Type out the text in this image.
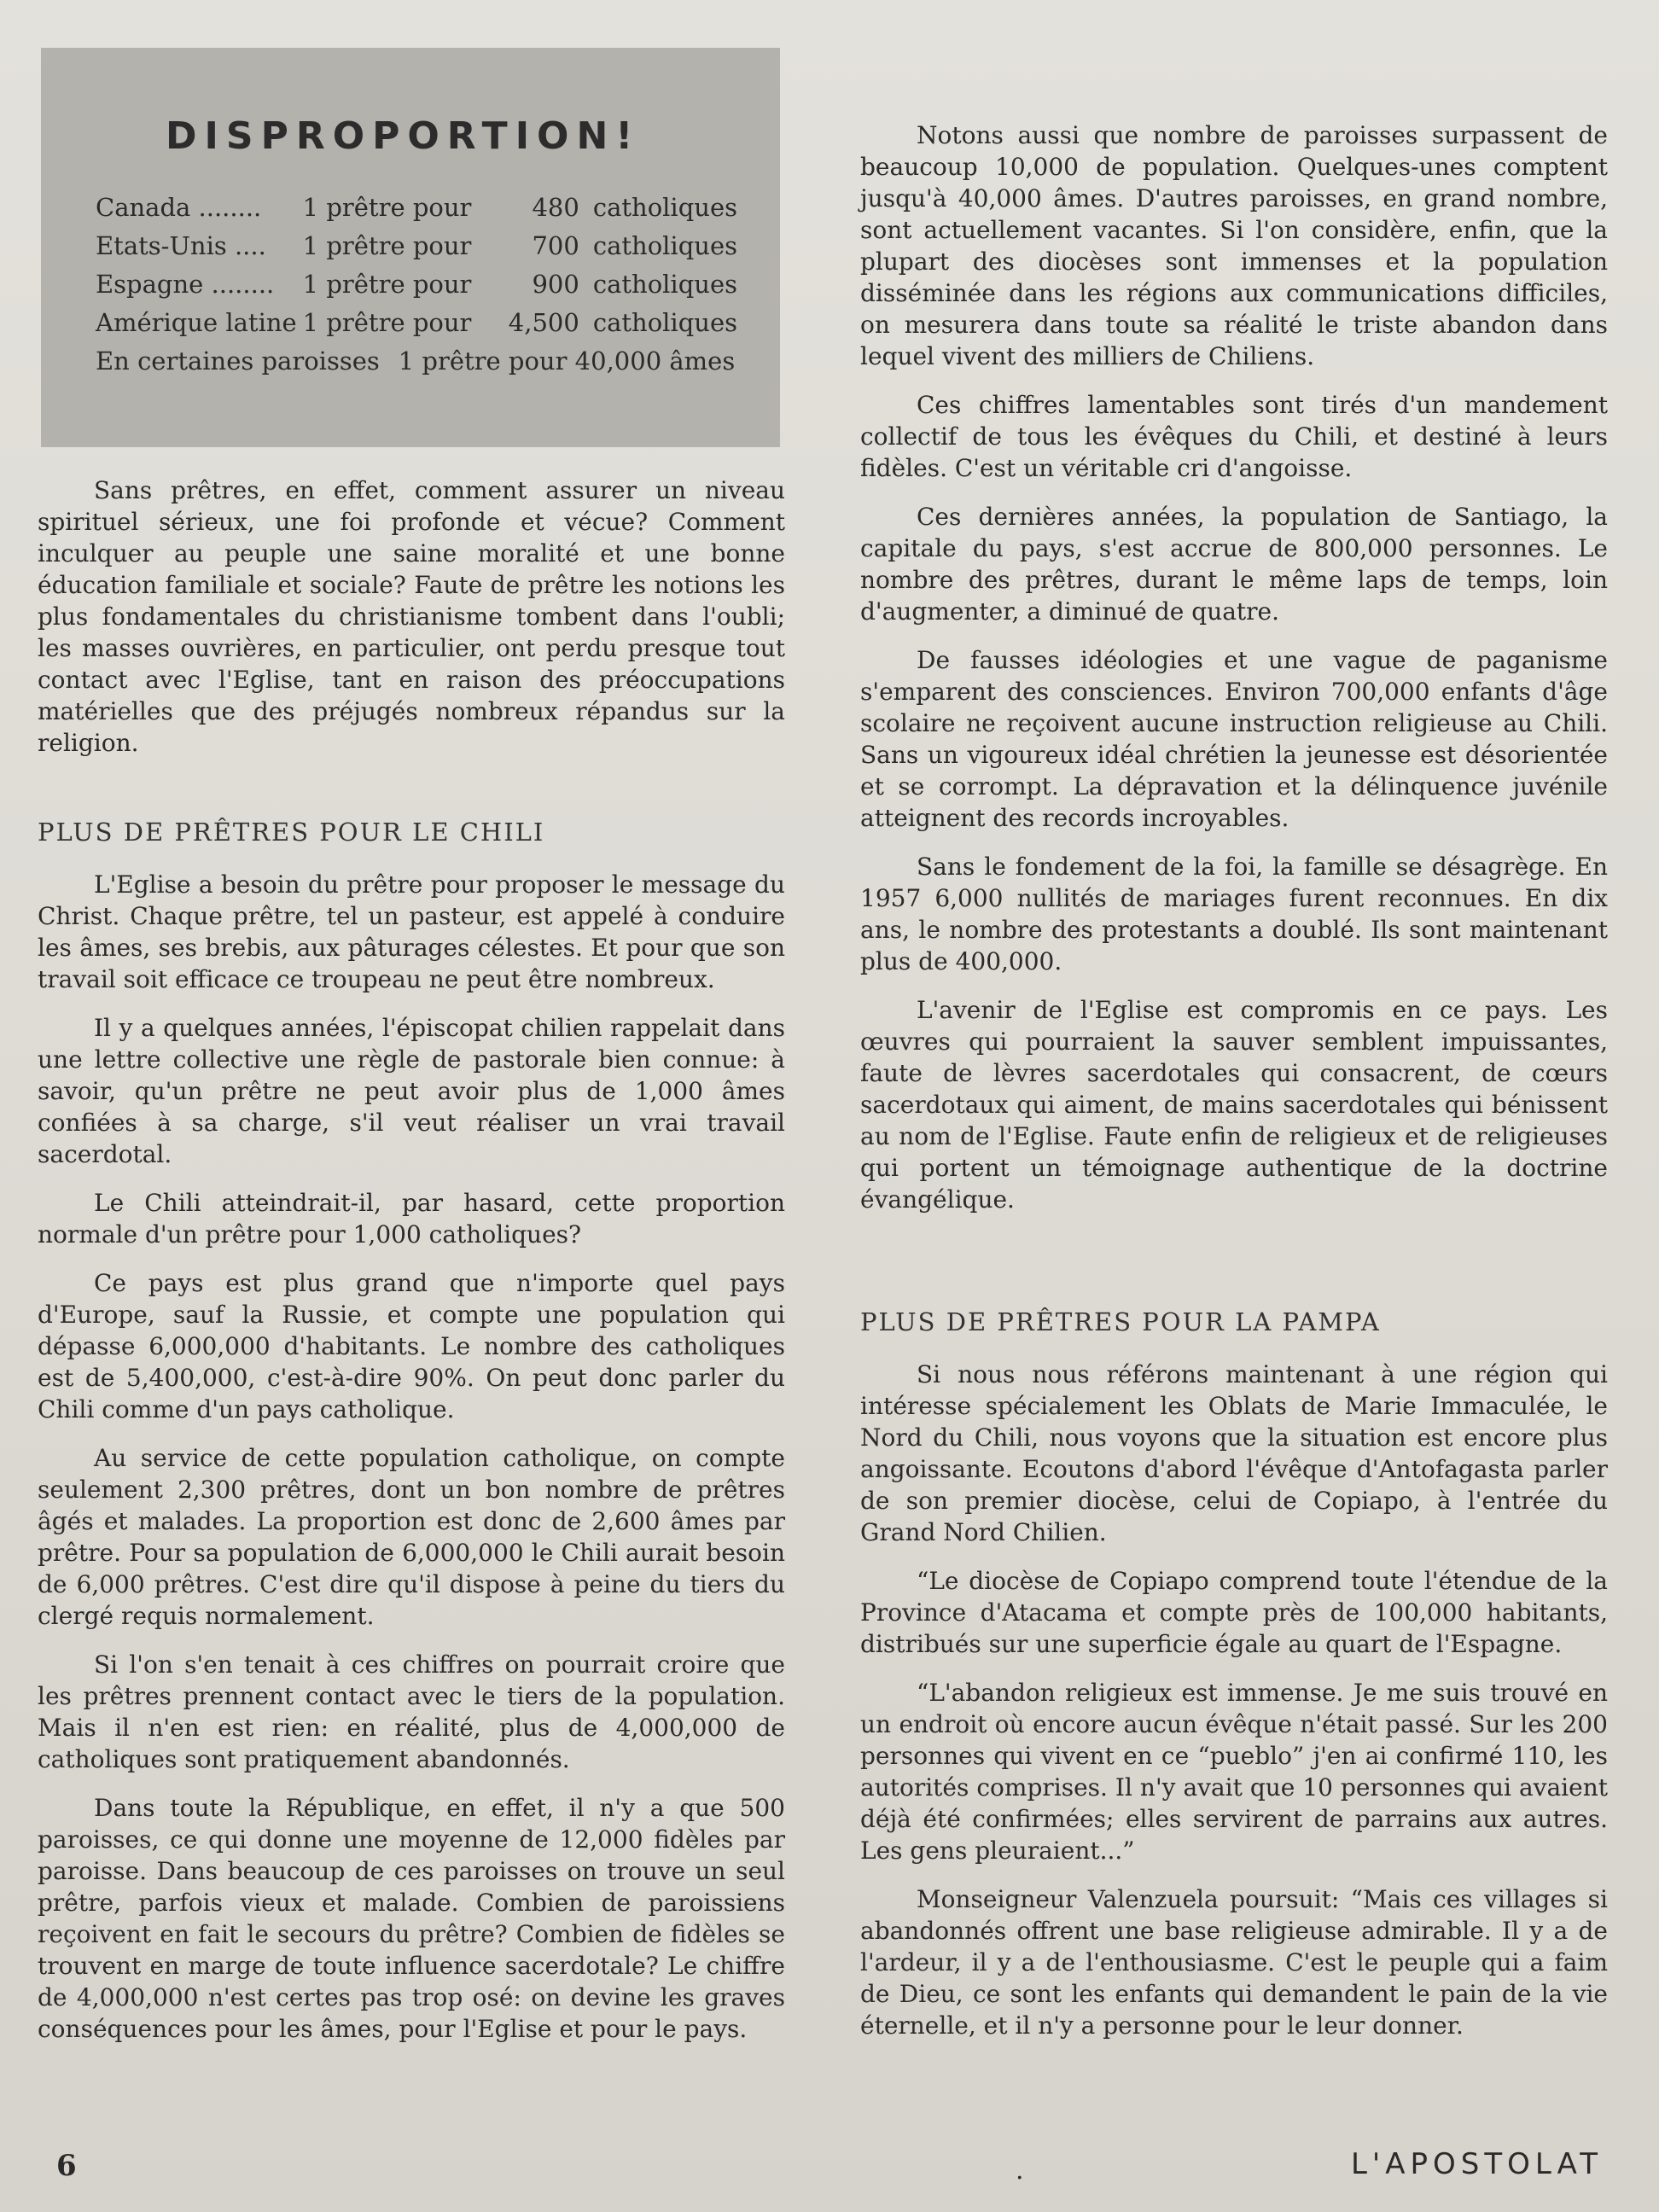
DISPROPORTION!
Canada ........	1 prêtre pour	480 catholiques
Etats-Unis ....	1 prêtre pour	700 catholiques
Espagne ........	1 prêtre pour	900 catholiques
Amérique latine 1 prêtre pour	4,500 catholiques
En certaines paroisses 1 prêtre pour 40,000 âmes

Sans prêtres, en effet, comment assurer un niveau spirituel sérieux, une foi profonde et vécue? Comment inculquer au peuple une saine moralité et une bonne éducation familiale et sociale? Faute de prêtre les notions les plus fondamentales du christianisme tombent dans l'oubli; les masses ouvrières, en particulier, ont perdu presque tout contact avec l'Eglise, tant en raison des préoccupations matérielles que des préjugés nombreux répandus sur la religion.

PLUS DE PRÊTRES POUR LE CHILI

L'Eglise a besoin du prêtre pour proposer le message du Christ. Chaque prêtre, tel un pasteur, est appelé à conduire les âmes, ses brebis, aux pâturages célestes. Et pour que son travail soit efficace ce troupeau ne peut être nombreux.

Il y a quelques années, l'épiscopat chilien rappelait dans une lettre collective une règle de pastorale bien connue: à savoir, qu'un prêtre ne peut avoir plus de 1,000 âmes confiées à sa charge, s'il veut réaliser un vrai travail sacerdotal.

Le Chili atteindrait-il, par hasard, cette proportion normale d'un prêtre pour 1,000 catholiques?

Ce pays est plus grand que n'importe quel pays d'Europe, sauf la Russie, et compte une population qui dépasse 6,000,000 d'habitants. Le nombre des catholiques est de 5,400,000, c'est-à-dire 90%. On peut donc parler du Chili comme d'un pays catholique.

Au service de cette population catholique, on compte seulement 2,300 prêtres, dont un bon nombre de prêtres âgés et malades. La proportion est donc de 2,600 âmes par prêtre. Pour sa population de 6,000,000 le Chili aurait besoin de 6,000 prêtres. C'est dire qu'il dispose à peine du tiers du clergé requis normalement.

Si l'on s'en tenait à ces chiffres on pourrait croire que les prêtres prennent contact avec le tiers de la population. Mais il n'en est rien: en réalité, plus de 4,000,000 de catholiques sont pratiquement abandonnés.

Dans toute la République, en effet, il n'y a que 500 paroisses, ce qui donne une moyenne de 12,000 fidèles par paroisse. Dans beaucoup de ces paroisses on trouve un seul prêtre, parfois vieux et malade. Combien de paroissiens reçoivent en fait le secours du prêtre? Combien de fidèles se trouvent en marge de toute influence sacerdotale? Le chiffre de 4,000,000 n'est certes pas trop osé: on devine les graves conséquences pour les âmes, pour l'Eglise et pour le pays.

Notons aussi que nombre de paroisses surpassent de beaucoup 10,000 de population. Quelques-unes comptent jusqu'à 40,000 âmes. D'autres paroisses, en grand nombre, sont actuellement vacantes. Si l'on considère, enfin, que la plupart des diocèses sont immenses et la population disséminée dans les régions aux communications difficiles, on mesurera dans toute sa réalité le triste abandon dans lequel vivent des milliers de Chiliens.

Ces chiffres lamentables sont tirés d'un mandement collectif de tous les évêques du Chili, et destiné à leurs fidèles. C'est un véritable cri d'angoisse.

Ces dernières années, la population de Santiago, la capitale du pays, s'est accrue de 800,000 personnes. Le nombre des prêtres, durant le même laps de temps, loin d'augmenter, a diminué de quatre.

De fausses idéologies et une vague de paganisme s'emparent des consciences. Environ 700,000 enfants d'âge scolaire ne reçoivent aucune instruction religieuse au Chili. Sans un vigoureux idéal chrétien la jeunesse est désorientée et se corrompt. La dépravation et la délinquence juvénile atteignent des records incroyables.

Sans le fondement de la foi, la famille se désagrège. En 1957 6,000 nullités de mariages furent reconnues. En dix ans, le nombre des protestants a doublé. Ils sont maintenant plus de 400,000.

L'avenir de l'Eglise est compromis en ce pays. Les œuvres qui pourraient la sauver semblent impuissantes, faute de lèvres sacerdotales qui consacrent, de cœurs sacerdotaux qui aiment, de mains sacerdotales qui bénissent au nom de l'Eglise. Faute enfin de religieux et de religieuses qui portent un témoignage authentique de la doctrine évangélique.

PLUS DE PRÊTRES POUR LA PAMPA

Si nous nous référons maintenant à une région qui intéresse spécialement les Oblats de Marie Immaculée, le Nord du Chili, nous voyons que la situation est encore plus angoissante. Ecoutons d'abord l'évêque d'Antofagasta parler de son premier diocèse, celui de Copiapo, à l'entrée du Grand Nord Chilien.

“Le diocèse de Copiapo comprend toute l'étendue de la Province d'Atacama et compte près de 100,000 habitants, distribués sur une superficie égale au quart de l'Espagne.

“L'abandon religieux est immense. Je me suis trouvé en un endroit où encore aucun évêque n'était passé. Sur les 200 personnes qui vivent en ce “pueblo” j'en ai confirmé 110, les autorités comprises. Il n'y avait que 10 personnes qui avaient déjà été confirmées; elles servirent de parrains aux autres. Les gens pleuraient...”

Monseigneur Valenzuela poursuit: “Mais ces villages si abandonnés offrent une base religieuse admirable. Il y a de l'ardeur, il y a de l'enthousiasme. C'est le peuple qui a faim de Dieu, ce sont les enfants qui demandent le pain de la vie éternelle, et il n'y a personne pour le leur donner.

6	.	L'APOSTOLAT
